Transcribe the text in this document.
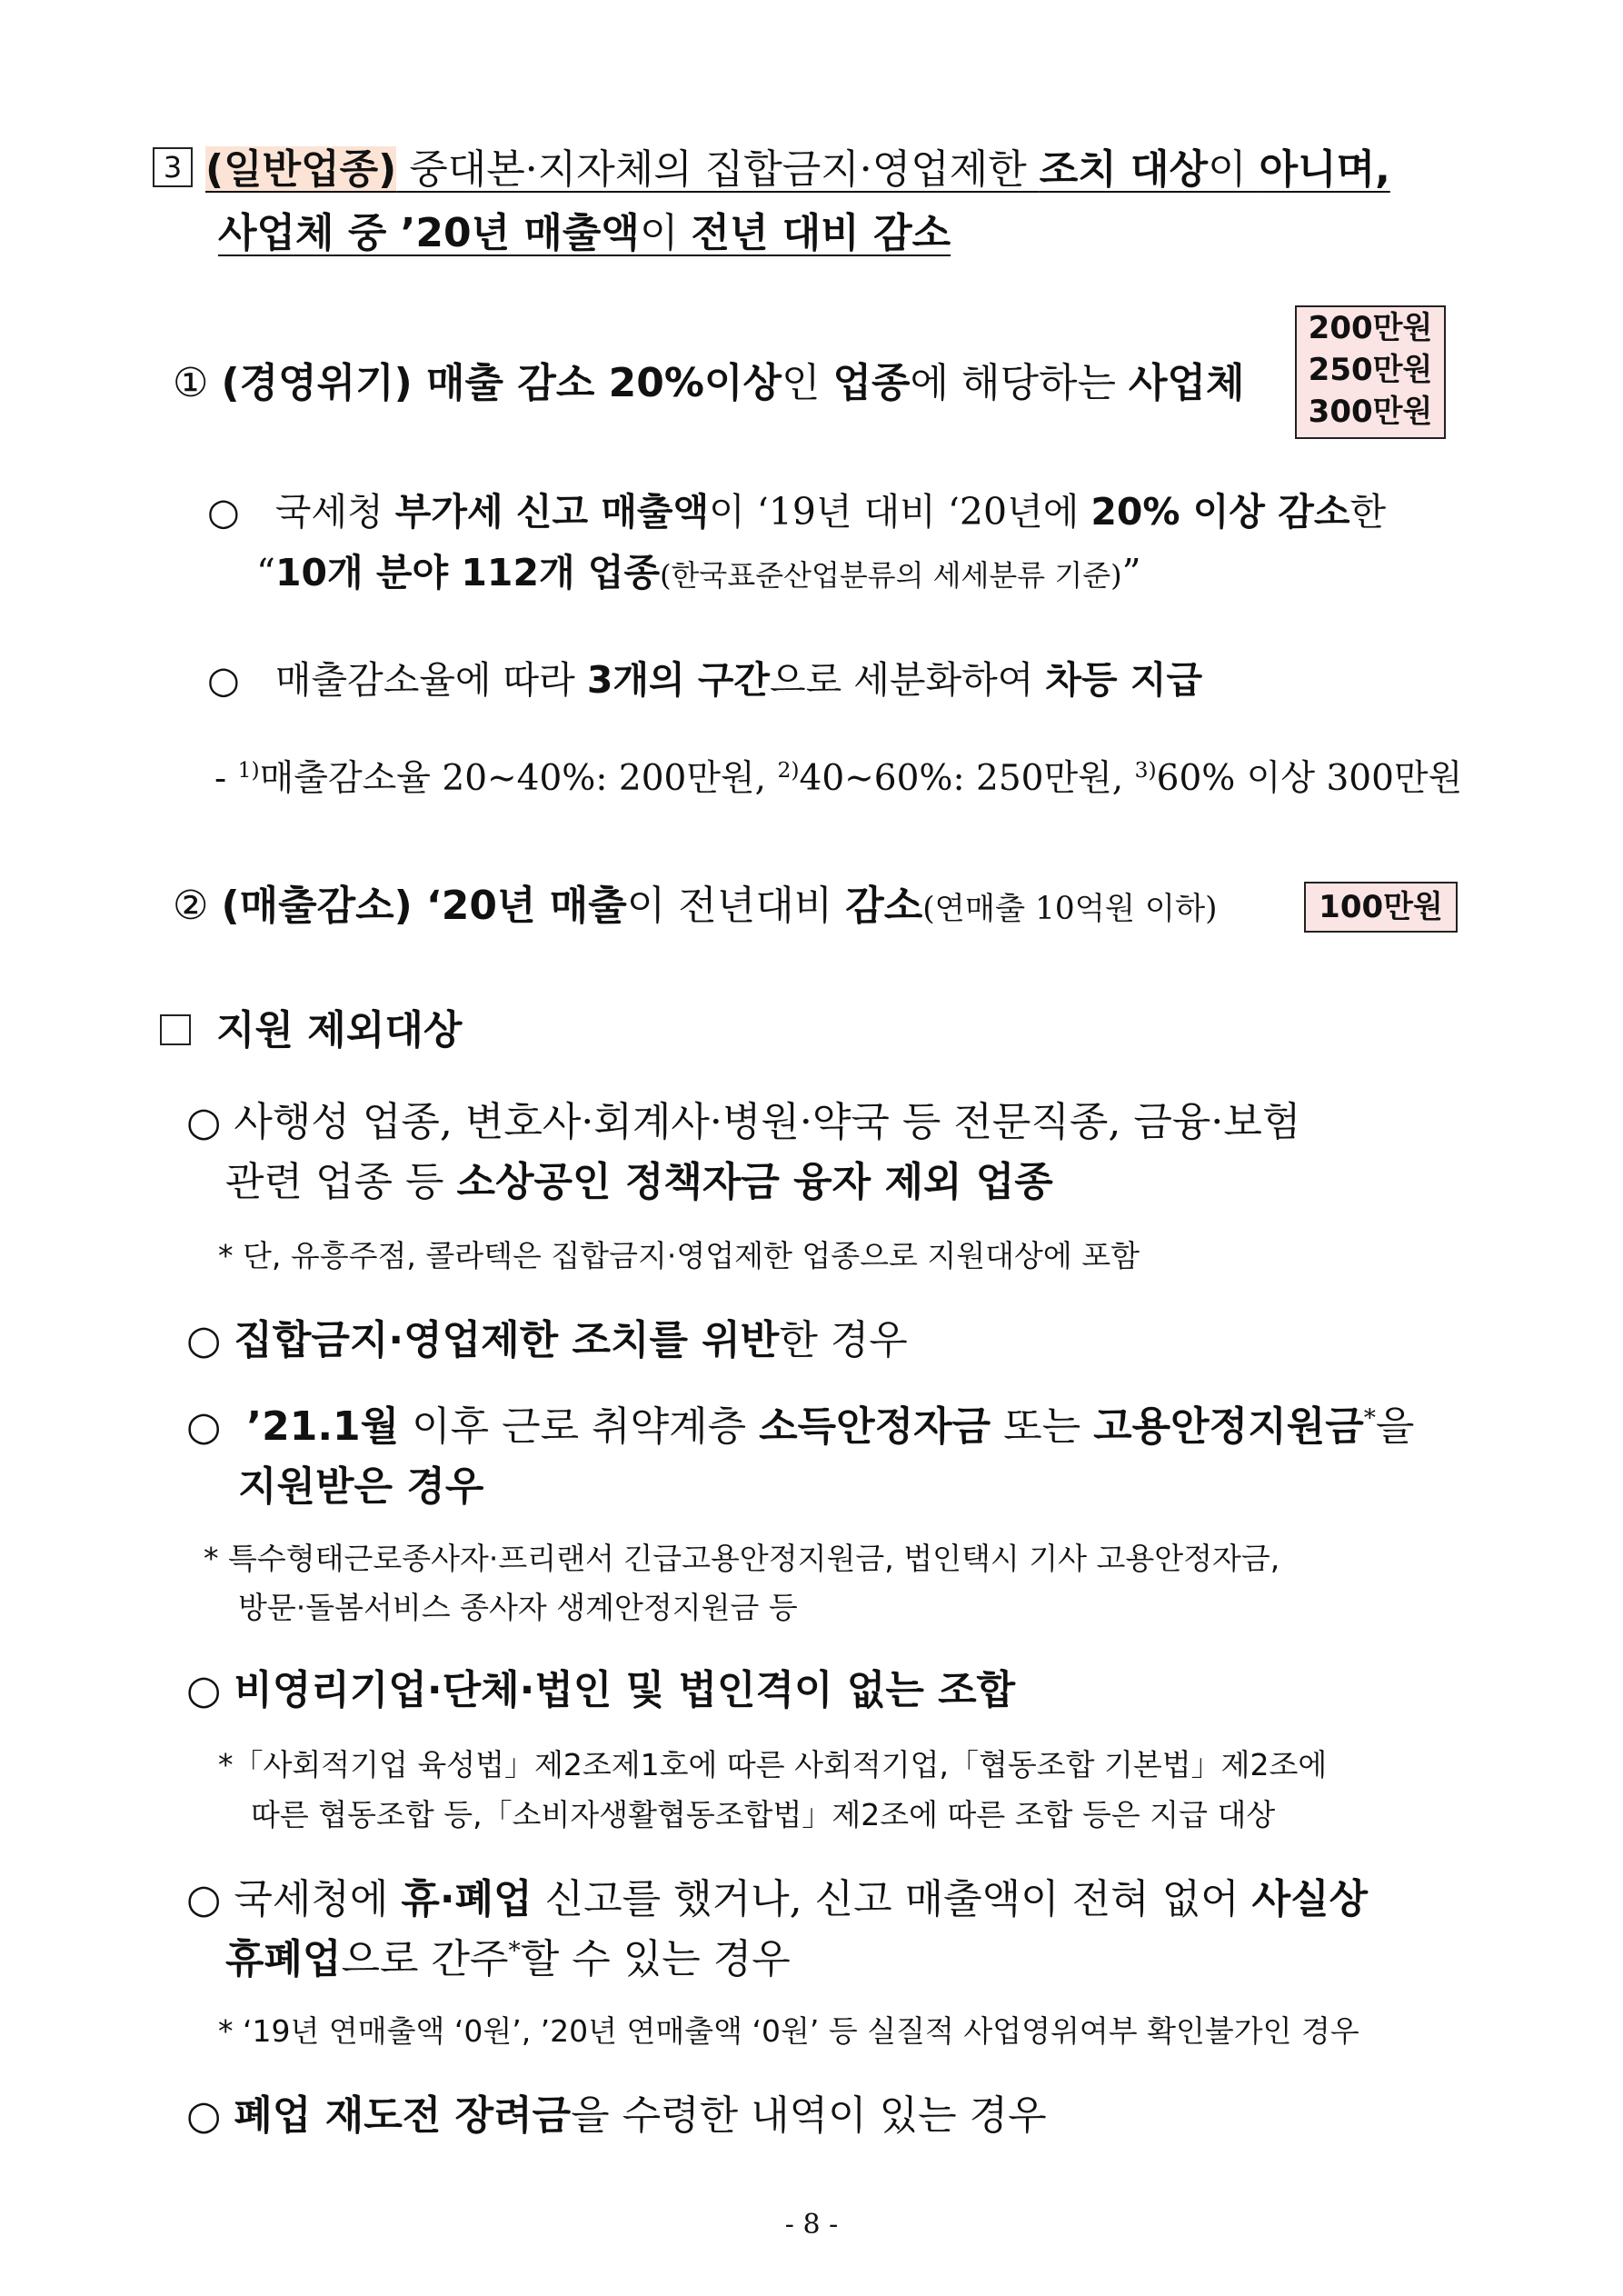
3 (일반업종) 중대본·지자체의 집합금지·영업제한 조치 대상이 아니며,
사업체 중 ’20년 매출액이 전년 대비 감소
① (경영위기) 매출 감소 20%이상인 업종에 해당하는 사업체
200만원
250만원
300만원
○ 국세청 부가세 신고 매출액이 ‘19년 대비 ‘20년에 20% 이상 감소한
“10개 분야 112개 업종(한국표준산업분류의 세세분류 기준)”
○ 매출감소율에 따라 3개의 구간으로 세분화하여 차등 지급
- $^{1)}$매출감소율 20~40%: 200만원, $^{2)}$40~60%: 250만원, $^{3)}$60% 이상 300만원
② (매출감소) ‘20년 매출이 전년대비 감소(연매출 10억원 이하)	100만원
지원 제외대상
○ 사행성 업종, 변호사·회계사·병원·약국 등 전문직종, 금융·보험
관련 업종 등 소상공인 정책자금 융자 제외 업종
* 단, 유흥주점, 콜라텍은 집합금지·영업제한 업종으로 지원대상에 포함
○ 집합금지·영업제한 조치를 위반한 경우
○ ’21.1월 이후 근로 취약계층 소득안정자금 또는 고용안정지원금*을
지원받은 경우
* 특수형태근로종사자·프리랜서 긴급고용안정지원금, 법인택시 기사 고용안정자금,
방문·돌봄서비스 종사자 생계안정지원금 등
○ 비영리기업·단체·법인 및 법인격이 없는 조합
*「사회적기업 육성법」제2조제1호에 따른 사회적기업,「협동조합 기본법」제2조에
따른 협동조합 등,「소비자생활협동조합법」제2조에 따른 조합 등은 지급 대상
○ 국세청에 휴·폐업 신고를 했거나, 신고 매출액이 전혀 없어 사실상
휴폐업으로 간주*할 수 있는 경우
* ‘19년 연매출액 ‘0원’, ’20년 연매출액 ‘0원’ 등 실질적 사업영위여부 확인불가인 경우
○ 폐업 재도전 장려금을 수령한 내역이 있는 경우
- 8 -
